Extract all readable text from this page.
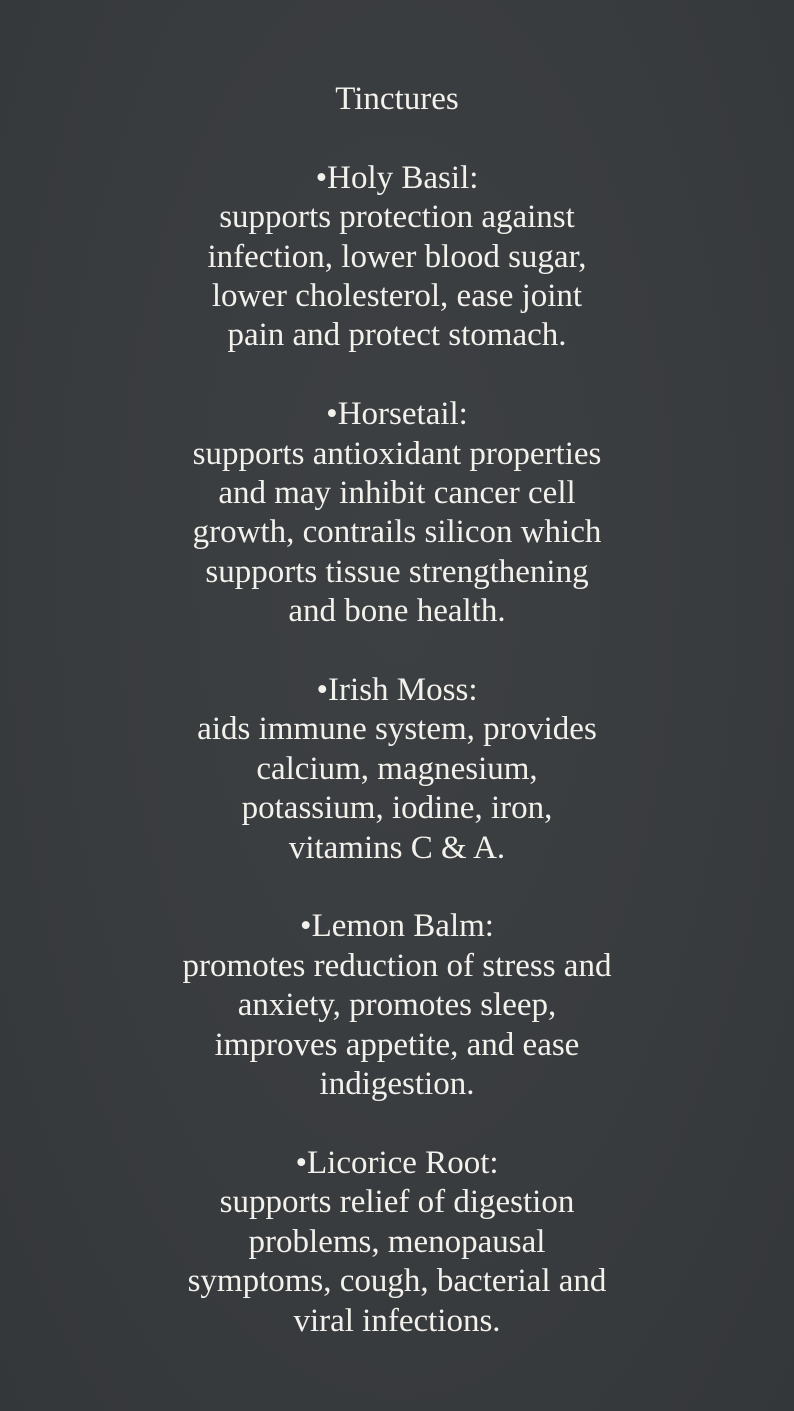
Tinctures
•Holy Basil:
supports protection against infection, lower blood sugar, lower cholesterol, ease joint pain and protect stomach.
•Horsetail:
supports antioxidant properties and may inhibit cancer cell growth, contrails silicon which supports tissue strengthening and bone health.
•Irish Moss:
aids immune system, provides calcium, magnesium, potassium, iodine, iron, vitamins C & A.
•Lemon Balm:
promotes reduction of stress and anxiety, promotes sleep, improves appetite, and ease indigestion.
•Licorice Root:
supports relief of digestion problems, menopausal symptoms, cough, bacterial and viral infections.
